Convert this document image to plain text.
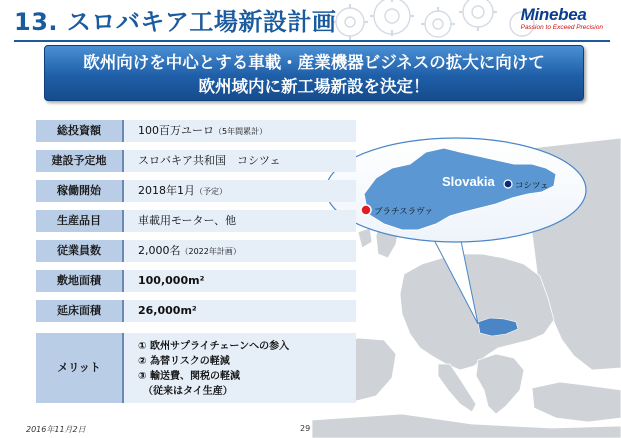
13. スロバキア工場新設計画	Minebea
Passion to Exceed Precision
欧州向けを中心とする車載・産業機器ビジネスの拡大に向けて
欧州域内に新工場新設を決定！
Slovakia コシツェ
ブラチスラヴァ
総投資額	100百万ユーロ（5年間累計）
建設予定地	スロバキア共和国　コシツェ
稼働開始	2018年1月（予定）
生産品目	車載用モーター、他
従業員数	2,000名（2022年計画）
敷地面積	100,000m²
延床面積	26,000m²
メリット
① 欧州サプライチェーンへの参入
② 為替リスクの軽減
③ 輸送費、関税の軽減
　（従来はタイ生産）
2016年11月2日	29
